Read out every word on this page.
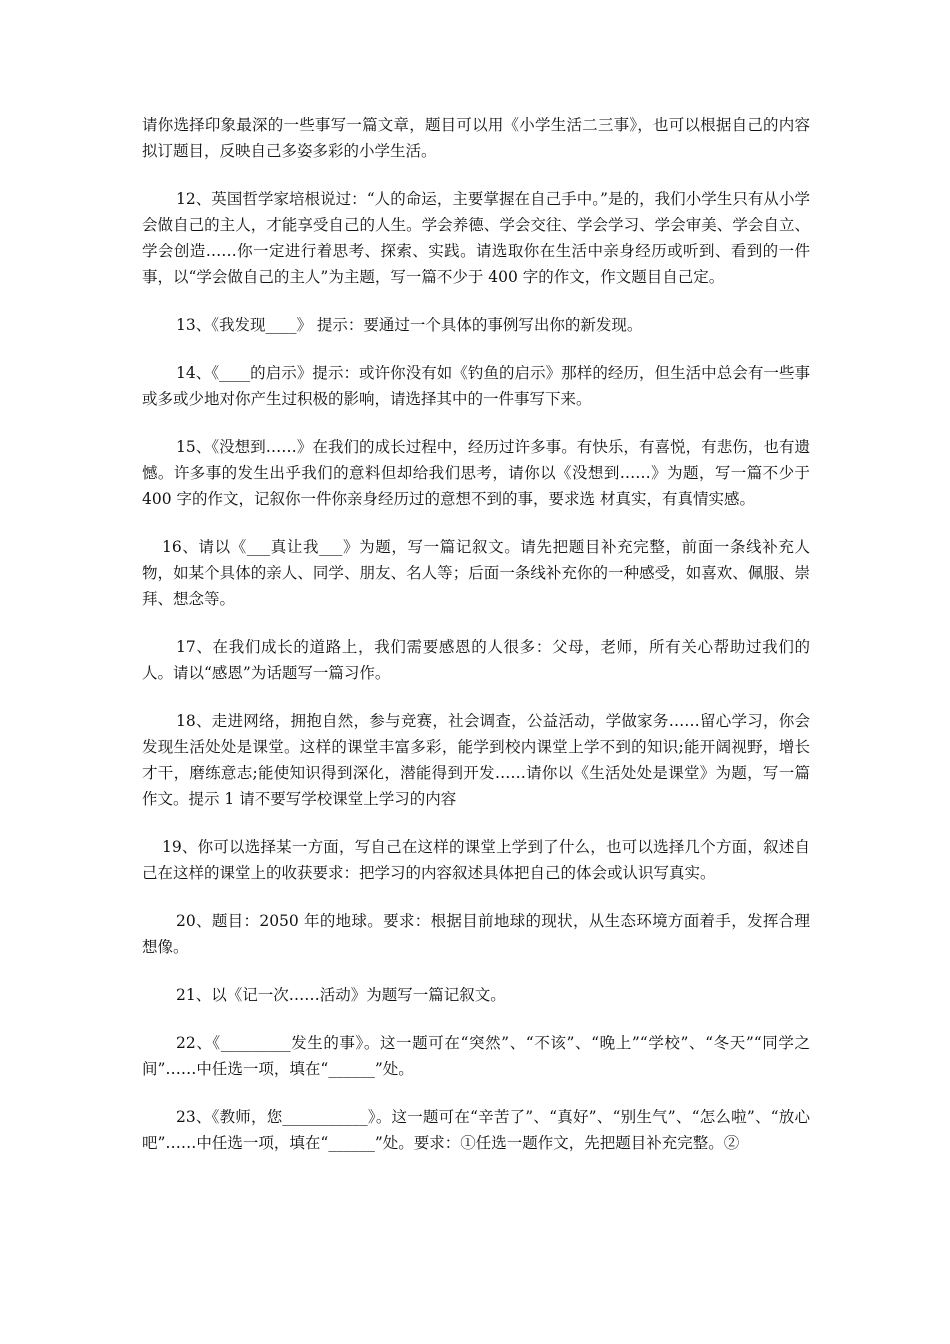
请你选择印象最深的一些事写一篇文章，题目可以用《小学生活二三事》，也可以根据自己的内容拟订题目，反映自己多姿多彩的小学生活。

12、英国哲学家培根说过：“人的命运，主要掌握在自己手中。”是的，我们小学生只有从小学会做自己的主人，才能享受自己的人生。学会养德、学会交往、学会学习、学会审美、学会自立、学会创造……你一定进行着思考、探索、实践。请选取你在生活中亲身经历或听到、看到的一件事，以“学会做自己的主人”为主题，写一篇不少于 400 字的作文，作文题目自己定。

13、《我发现____》 提示：要通过一个具体的事例写出你的新发现。

14、《____的启示》提示：或许你没有如《钓鱼的启示》那样的经历，但生活中总会有一些事或多或少地对你产生过积极的影响，请选择其中的一件事写下来。

15、《没想到……》在我们的成长过程中，经历过许多事。有快乐，有喜悦，有悲伤，也有遗憾。许多事的发生出乎我们的意料但却给我们思考，请你以《没想到……》为题，写一篇不少于 400 字的作文，记叙你一件你亲身经历过的意想不到的事，要求选 材真实，有真情实感。

16、请以《___真让我___》为题，写一篇记叙文。请先把题目补充完整，前面一条线补充人物，如某个具体的亲人、同学、朋友、名人等；后面一条线补充你的一种感受，如喜欢、佩服、崇拜、想念等。

17、在我们成长的道路上，我们需要感恩的人很多：父母，老师，所有关心帮助过我们的人。请以“感恩”为话题写一篇习作。

18、走进网络，拥抱自然，参与竞赛，社会调查，公益活动，学做家务……留心学习，你会发现生活处处是课堂。这样的课堂丰富多彩，能学到校内课堂上学不到的知识;能开阔视野，增长才干，磨练意志;能使知识得到深化，潜能得到开发……请你以《生活处处是课堂》为题，写一篇作文。提示 1 请不要写学校课堂上学习的内容

19、你可以选择某一方面，写自己在这样的课堂上学到了什么，也可以选择几个方面，叙述自己在这样的课堂上的收获要求：把学习的内容叙述具体把自己的体会或认识写真实。

20、题目：2050 年的地球。要求：根据目前地球的现状，从生态环境方面着手，发挥合理想像。

21、以《记一次……活动》为题写一篇记叙文。

22、《_________发生的事》。这一题可在“突然”、“不该”、“晚上”“学校”、“冬天”“同学之间”……中任选一项，填在“______”处。

23、《教师，您___________》。这一题可在“辛苦了”、“真好”、“别生气”、“怎么啦”、“放心吧”……中任选一项，填在“______”处。要求：①任选一题作文，先把题目补充完整。②
